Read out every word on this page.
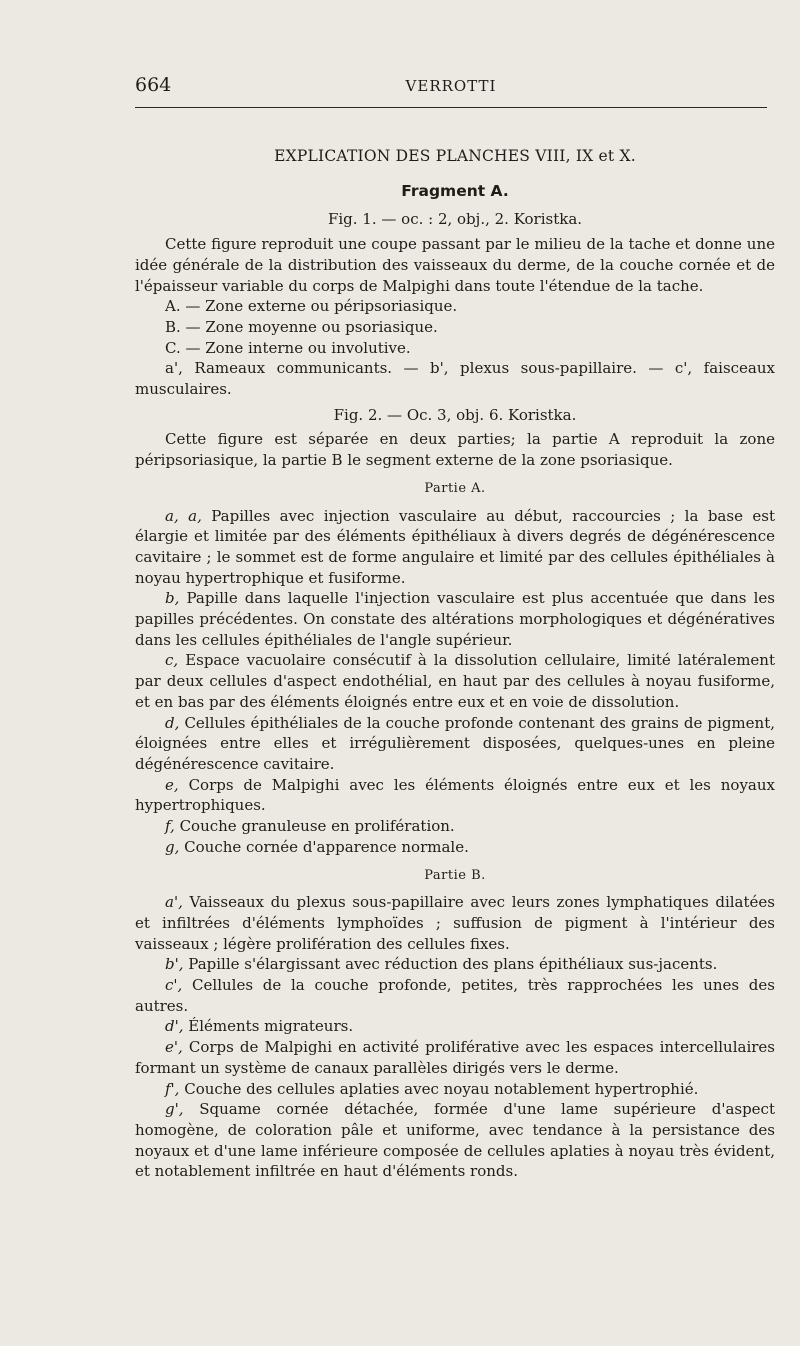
664	VERROTTI
EXPLICATION DES PLANCHES VIII, IX et X.
Fragment A.
Fig. 1. — oc. : 2, obj., 2. Koristka.

Cette figure reproduit une coupe passant par le milieu de la tache et donne une idée générale de la distribution des vaisseaux du derme, de la couche cornée et de l'épaisseur variable du corps de Malpighi dans toute l'étendue de la tache.

A. — Zone externe ou péripsoriasique.

B. — Zone moyenne ou psoriasique.

C. — Zone interne ou involutive.

a', Rameaux communicants. — b', plexus sous-papillaire. — c', faisceaux musculaires.

Fig. 2. — Oc. 3, obj. 6. Koristka.

Cette figure est séparée en deux parties; la partie A reproduit la zone péripsoriasique, la partie B le segment externe de la zone psoriasique.

Partie A.

a, a, Papilles avec injection vasculaire au début, raccourcies ; la base est élargie et limitée par des éléments épithéliaux à divers degrés de dégénérescence cavitaire ; le sommet est de forme angulaire et limité par des cellules épithéliales à noyau hypertrophique et fusiforme.

b, Papille dans laquelle l'injection vasculaire est plus accentuée que dans les papilles précédentes. On constate des altérations morphologiques et dégénératives dans les cellules épithéliales de l'angle supérieur.

c, Espace vacuolaire consécutif à la dissolution cellulaire, limité latéralement par deux cellules d'aspect endothélial, en haut par des cellules à noyau fusiforme, et en bas par des éléments éloignés entre eux et en voie de dissolution.

d, Cellules épithéliales de la couche profonde contenant des grains de pigment, éloignées entre elles et irrégulièrement disposées, quelques-unes en pleine dégénérescence cavitaire.

e, Corps de Malpighi avec les éléments éloignés entre eux et les noyaux hypertrophiques.

f, Couche granuleuse en prolifération.

g, Couche cornée d'apparence normale.

Partie B.

a', Vaisseaux du plexus sous-papillaire avec leurs zones lymphatiques dilatées et infiltrées d'éléments lymphoïdes ; suffusion de pigment à l'intérieur des vaisseaux ; légère prolifération des cellules fixes.

b', Papille s'élargissant avec réduction des plans épithéliaux sus-jacents.

c', Cellules de la couche profonde, petites, très rapprochées les unes des autres.

d', Éléments migrateurs.

e', Corps de Malpighi en activité proliférative avec les espaces intercellulaires formant un système de canaux parallèles dirigés vers le derme.

f', Couche des cellules aplaties avec noyau notablement hypertrophié.

g', Squame cornée détachée, formée d'une lame supérieure d'aspect homogène, de coloration pâle et uniforme, avec tendance à la persistance des noyaux et d'une lame inférieure composée de cellules aplaties à noyau très évident, et notablement infiltrée en haut d'éléments ronds.
